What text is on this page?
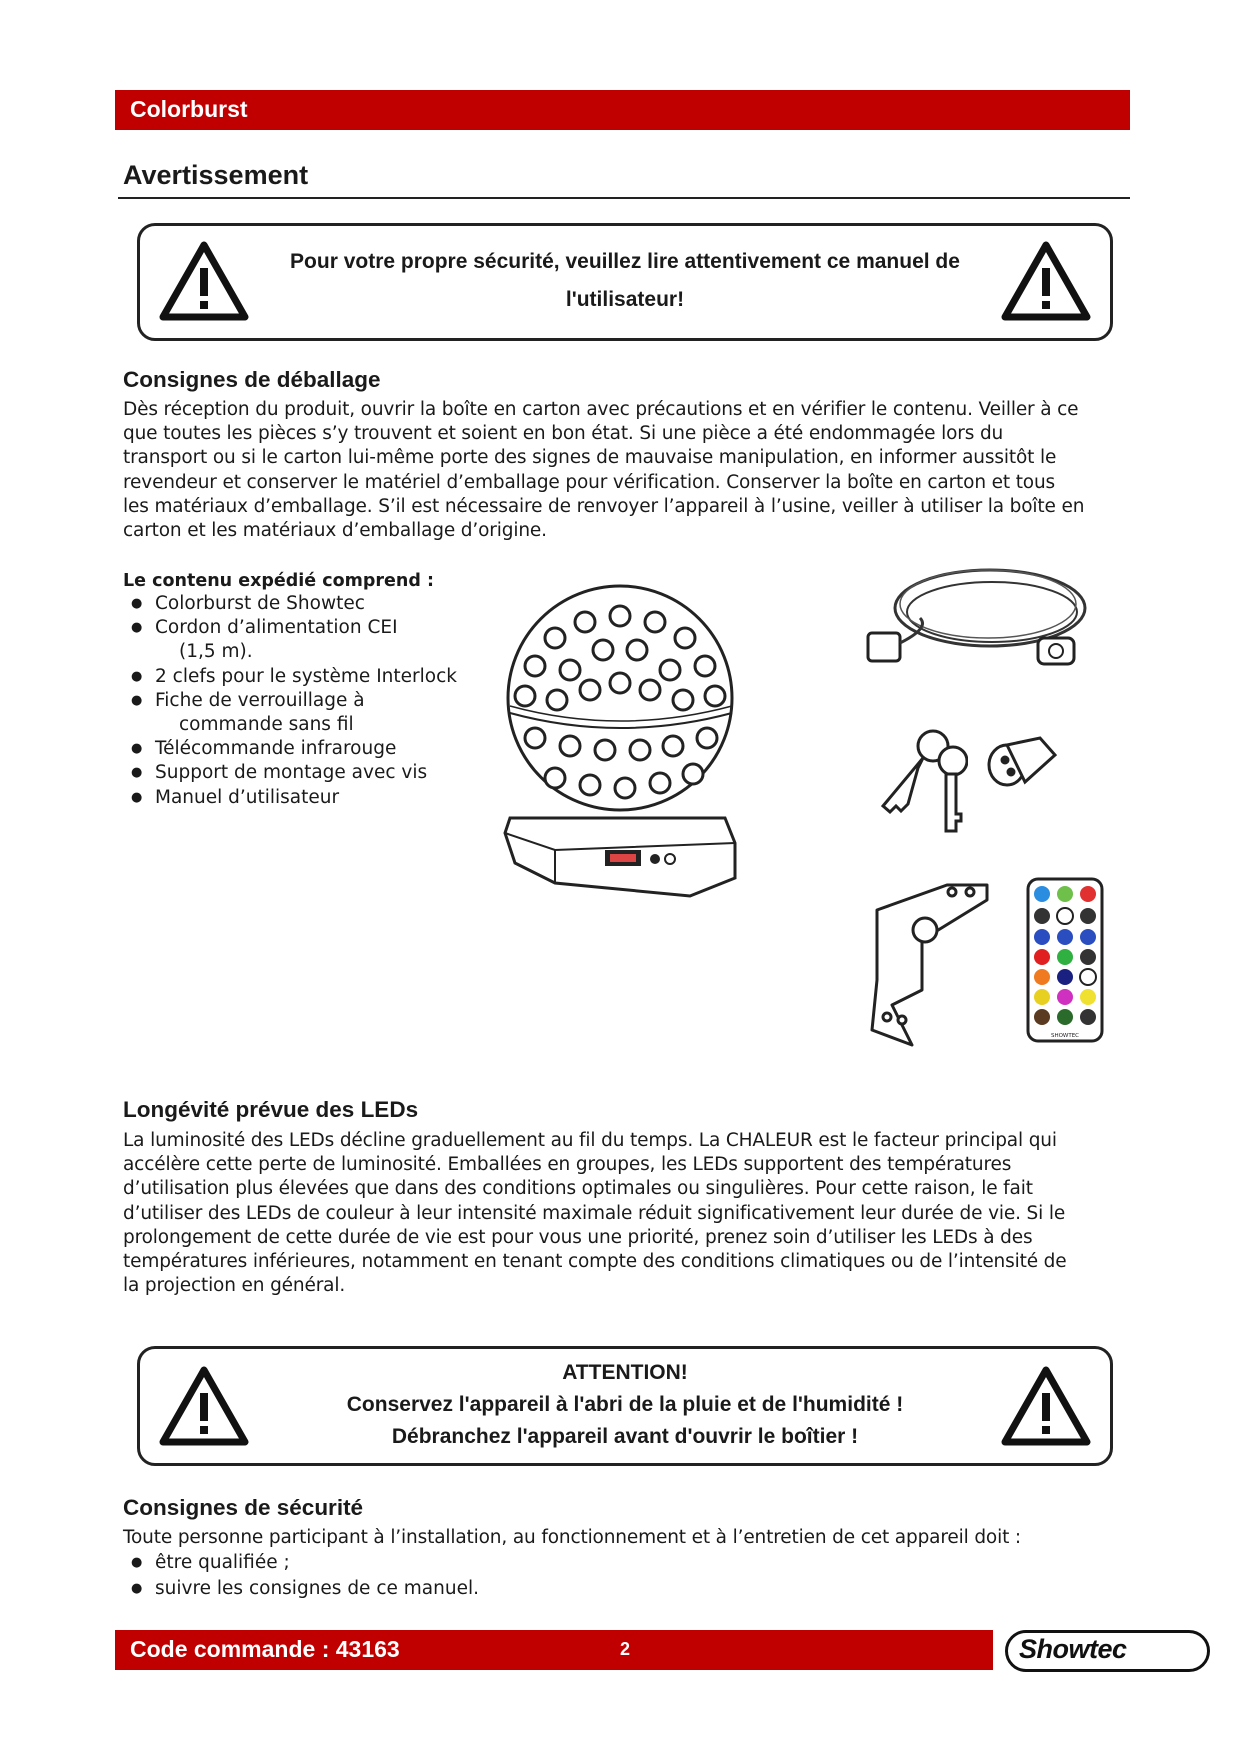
Colorburst
Avertissement
Pour votre propre sécurité, veuillez lire attentivement ce manuel de
l'utilisateur!
Consignes de déballage

Dès réception du produit, ouvrir la boîte en carton avec précautions et en vérifier le contenu. Veiller à ce

que toutes les pièces s’y trouvent et soient en bon état. Si une pièce a été endommagée lors du

transport ou si le carton lui-même porte des signes de mauvaise manipulation, en informer aussitôt le

revendeur et conserver le matériel d’emballage pour vérification. Conserver la boîte en carton et tous

les matériaux d’emballage. S’il est nécessaire de renvoyer l’appareil à l’usine, veiller à utiliser la boîte en

carton et les matériaux d’emballage d’origine.

Le contenu expédié comprend :
● Colorburst de Showtec
● Cordon d’alimentation CEI
(1,5 m).
● 2 clefs pour le système Interlock
● Fiche de verrouillage à
commande sans fil
● Télécommande infrarouge
● Support de montage avec vis
● Manuel d’utilisateur
SHOWTEC
Longévité prévue des LEDs

La luminosité des LEDs décline graduellement au fil du temps. La CHALEUR est le facteur principal qui

accélère cette perte de luminosité. Emballées en groupes, les LEDs supportent des températures

d’utilisation plus élevées que dans des conditions optimales ou singulières. Pour cette raison, le fait

d’utiliser des LEDs de couleur à leur intensité maximale réduit significativement leur durée de vie. Si le

prolongement de cette durée de vie est pour vous une priorité, prenez soin d’utiliser les LEDs à des

températures inférieures, notamment en tenant compte des conditions climatiques ou de l’intensité de

la projection en général.

ATTENTION!
Conservez l'appareil à l'abri de la pluie et de l'humidité !
Débranchez l'appareil avant d'ouvrir le boîtier !
Consignes de sécurité
Toute personne participant à l’installation, au fonctionnement et à l’entretien de cet appareil doit :
● être qualifiée ;
● suivre les consignes de ce manuel.
Code commande : 43163	2	Showtec
